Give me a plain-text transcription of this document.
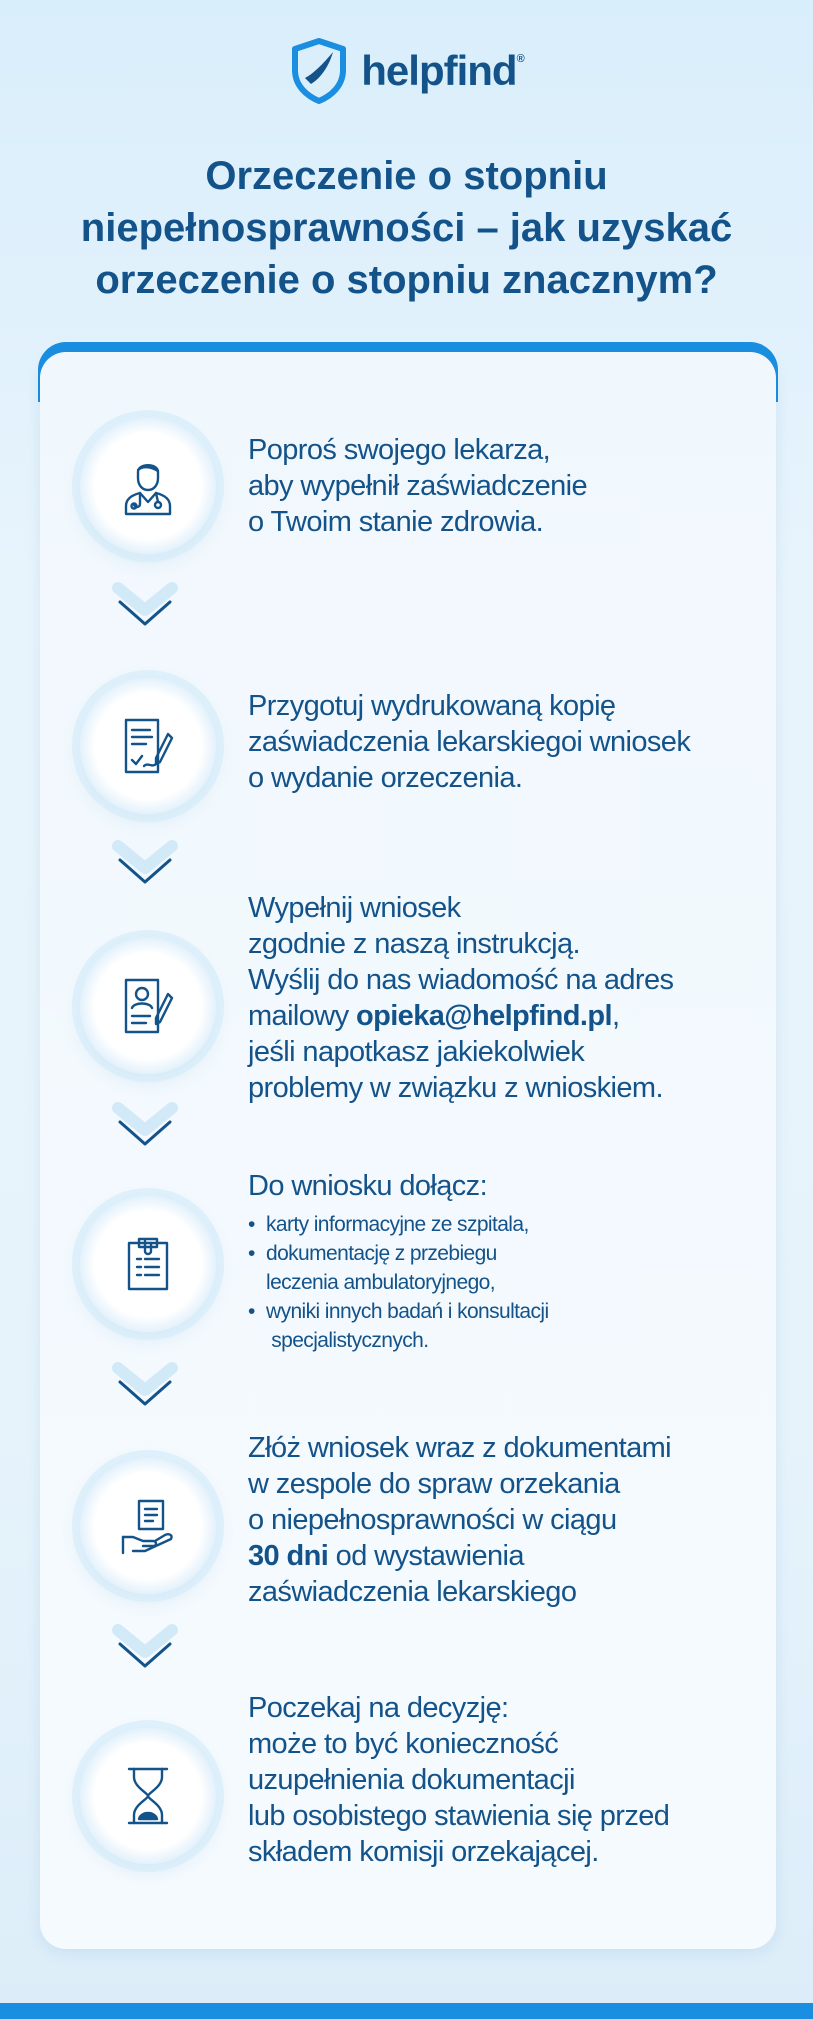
helpfind®
Orzeczenie o stopniu
niepełnosprawności – jak uzyskać
orzeczenie o stopniu znacznym?
Poproś swojego lekarza,
aby wypełnił zaświadczenie
o Twoim stanie zdrowia.
Przygotuj wydrukowaną kopię
zaświadczenia lekarskiegoi wniosek
o wydanie orzeczenia.
Wypełnij wniosek
zgodnie z naszą instrukcją.
Wyślij do nas wiadomość na adres
mailowy opieka@helpfind.pl,
jeśli napotkasz jakiekolwiek
problemy w związku z wnioskiem.
Do wniosku dołącz:
• karty informacyjne ze szpitala,
• dokumentację z przebiegu
leczenia ambulatoryjnego,
• wyniki innych badań i konsultacji
specjalistycznych.
Złóż wniosek wraz z dokumentami
w zespole do spraw orzekania
o niepełnosprawności w ciągu
30 dni od wystawienia
zaświadczenia lekarskiego
Poczekaj na decyzję:
może to być konieczność
uzupełnienia dokumentacji
lub osobistego stawienia się przed
składem komisji orzekającej.
